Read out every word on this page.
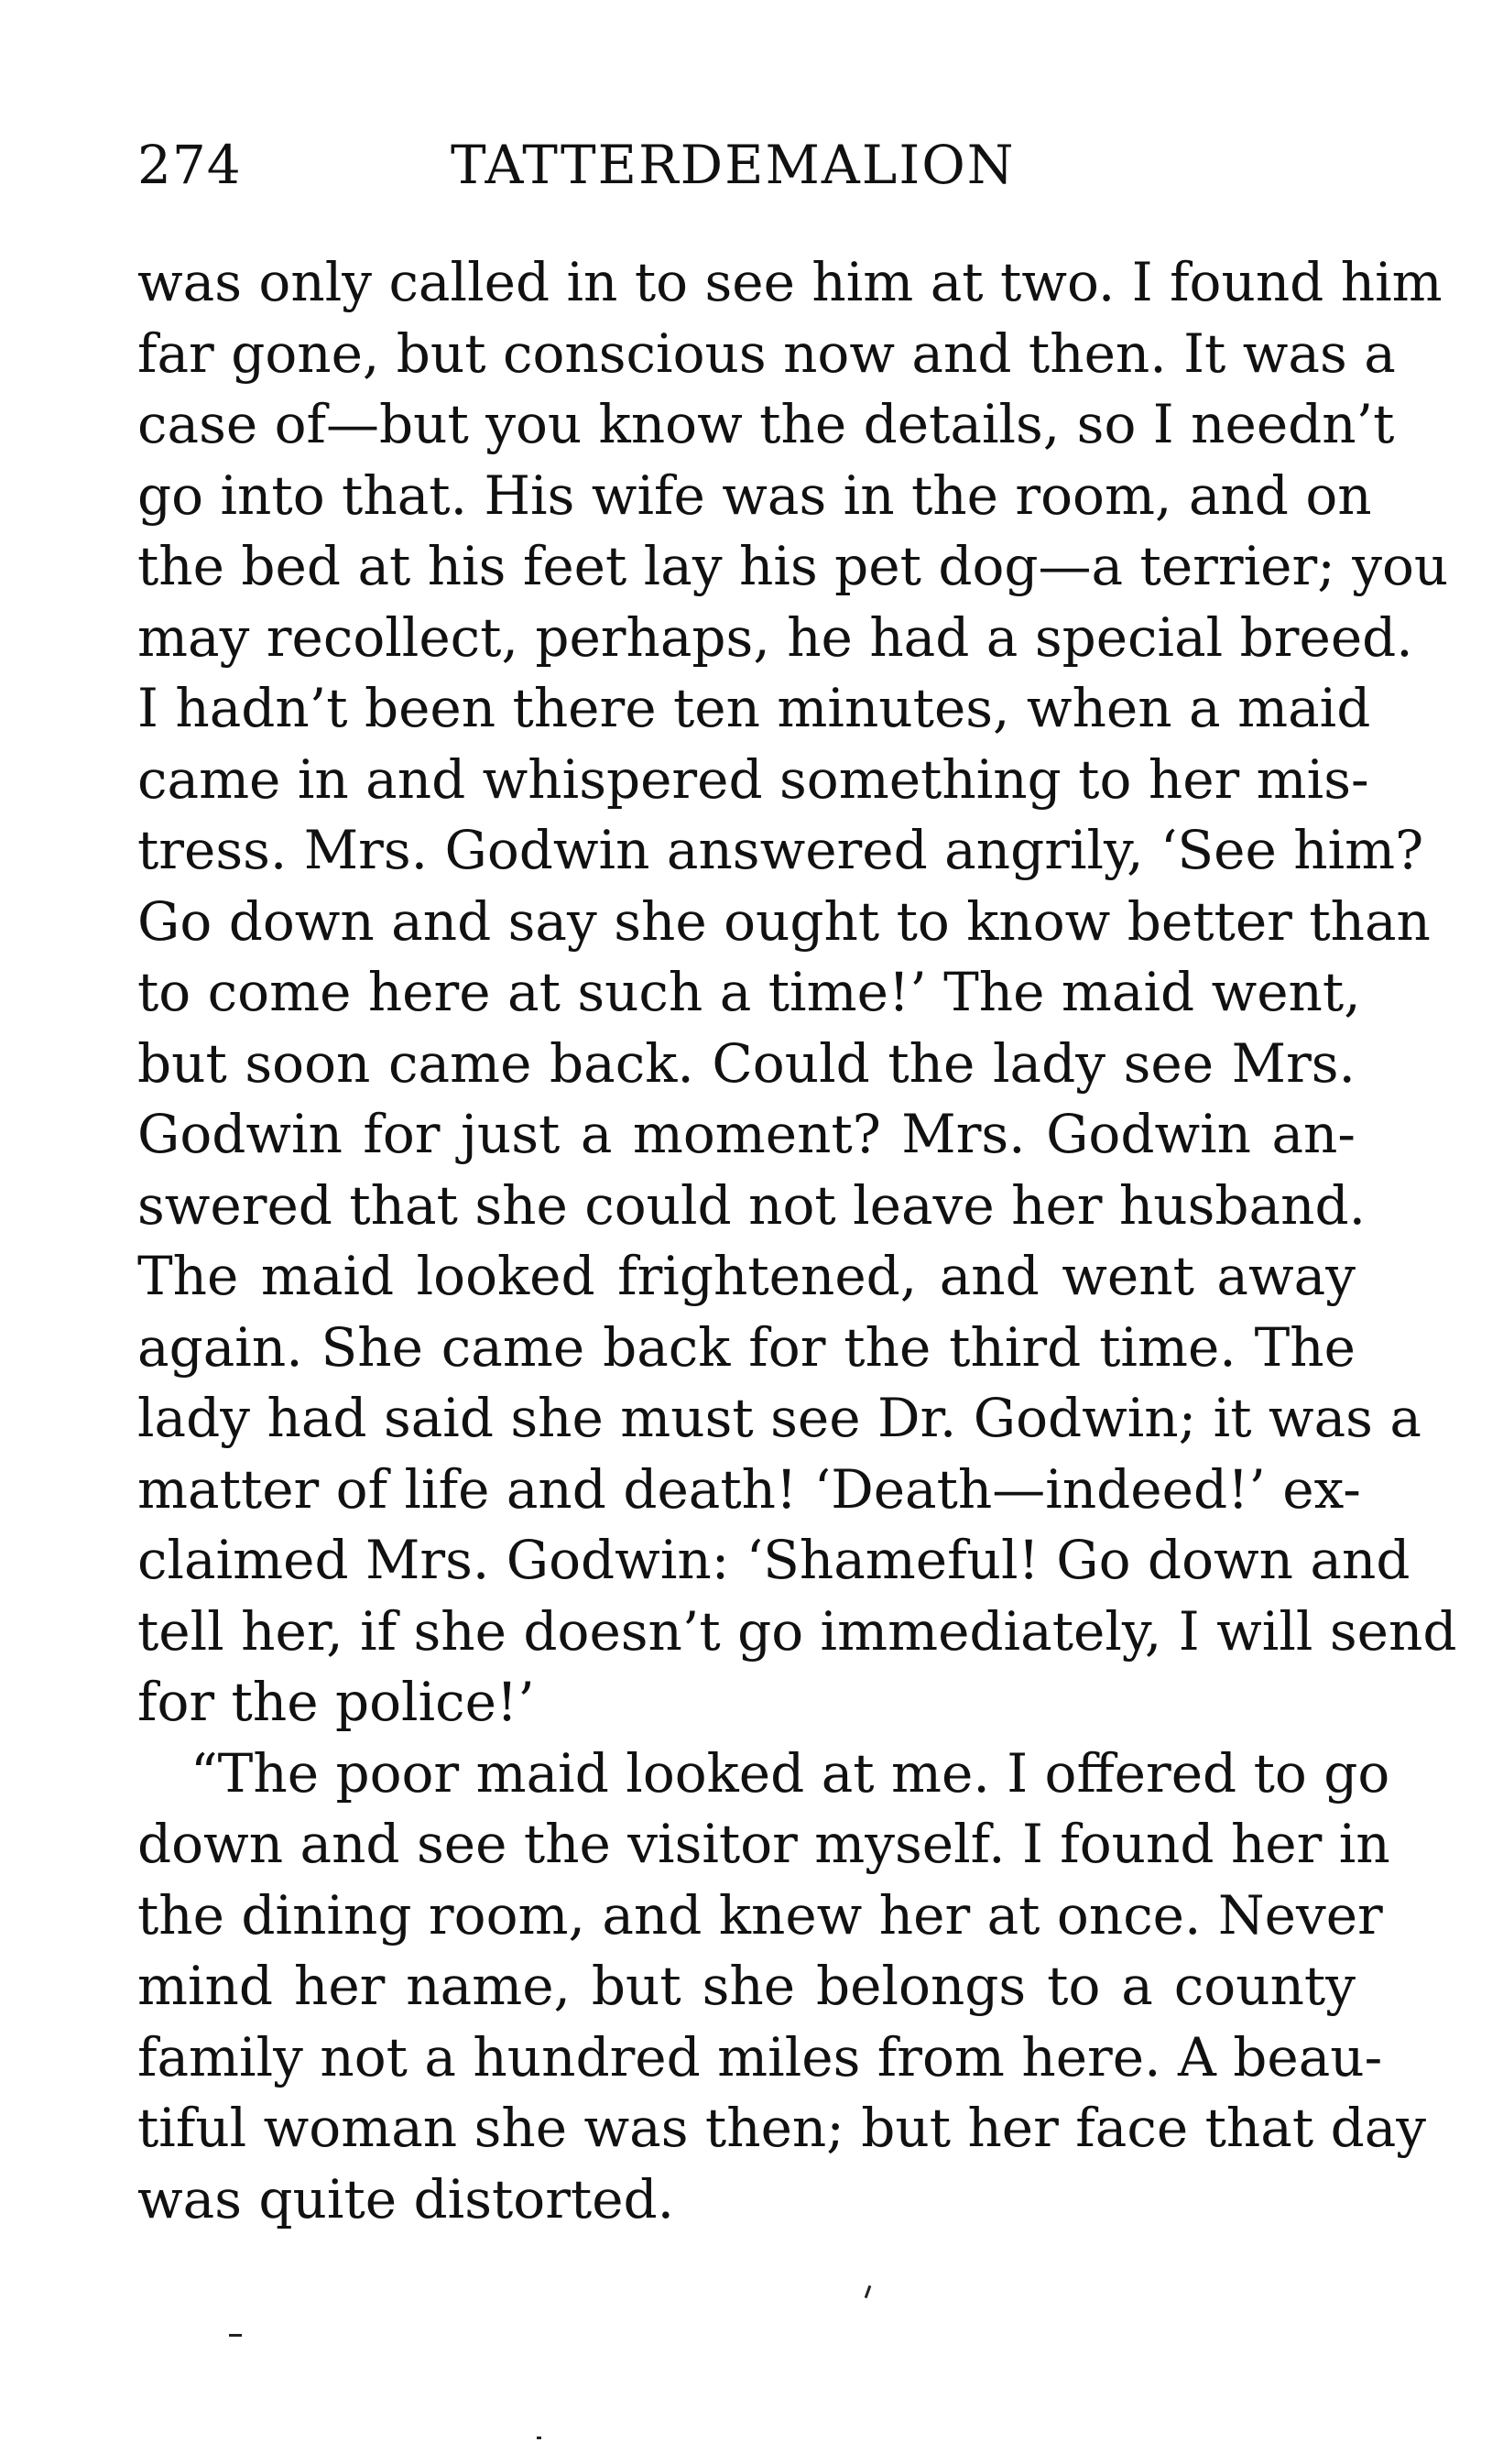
274	TATTERDEMALION
was only called in to see him at two. I found him
far gone, but conscious now and then. It was a
case of—but you know the details, so I needn’t
go into that. His wife was in the room, and on
the bed at his feet lay his pet dog—a terrier; you
may recollect, perhaps, he had a special breed.
I hadn’t been there ten minutes, when a maid
came in and whispered something to her mis-
tress. Mrs. Godwin answered angrily, ‘See him?
Go down and say she ought to know better than
to come here at such a time!’ The maid went,
but soon came back. Could the lady see Mrs.
Godwin for just a moment? Mrs. Godwin an-
swered that she could not leave her husband.
The maid looked frightened, and went away
again. She came back for the third time. The
lady had said she must see Dr. Godwin; it was a
matter of life and death! ‘Death—indeed!’ ex-
claimed Mrs. Godwin: ‘Shameful! Go down and
tell her, if she doesn’t go immediately, I will send
for the police!’
“The poor maid looked at me. I offered to go
down and see the visitor myself. I found her in
the dining room, and knew her at once. Never
mind her name, but she belongs to a county
family not a hundred miles from here. A beau-
tiful woman she was then; but her face that day
was quite distorted.
